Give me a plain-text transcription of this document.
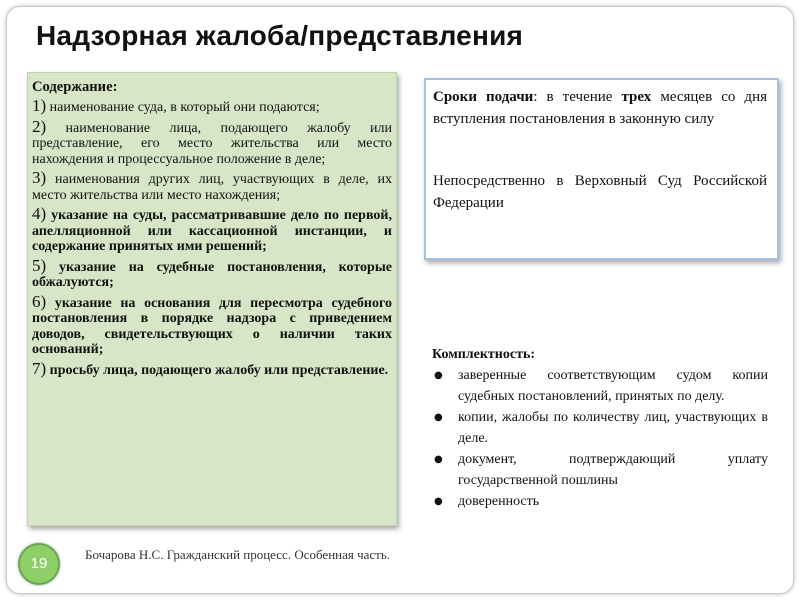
Надзорная жалоба/представления

Содержание:

1) наименование суда, в который они подаются;

2) наименование лица, подающего жалобу или представление, его место жительства или место нахождения и процессуальное положение в деле;

3) наименования других лиц, участвующих в деле, их место жительства или место нахождения;

4) указание на суды, рассматривавшие дело по первой, апелляционной или кассационной инстанции, и содержание принятых ими решений;

5) указание на судебные постановления, которые обжалуются;

6) указание на основания для пересмотра судебного постановления в порядке надзора с приведением доводов, свидетельствующих о наличии таких оснований;

7) просьбу лица, подающего жалобу или представление.

Сроки подачи: в течение трех месяцев со дня вступления постановления в законную силу

Непосредственно в Верховный Суд Российской Федерации

Комплектность:

● заверенные соответствующим судом копии судебных постановлений, принятых по делу.
● копии, жалобы по количеству лиц, участвующих в деле.
● документ, подтверждающий уплату государственной пошлины
● доверенность
19
Бочарова Н.С. Гражданский процесс. Особенная часть.
